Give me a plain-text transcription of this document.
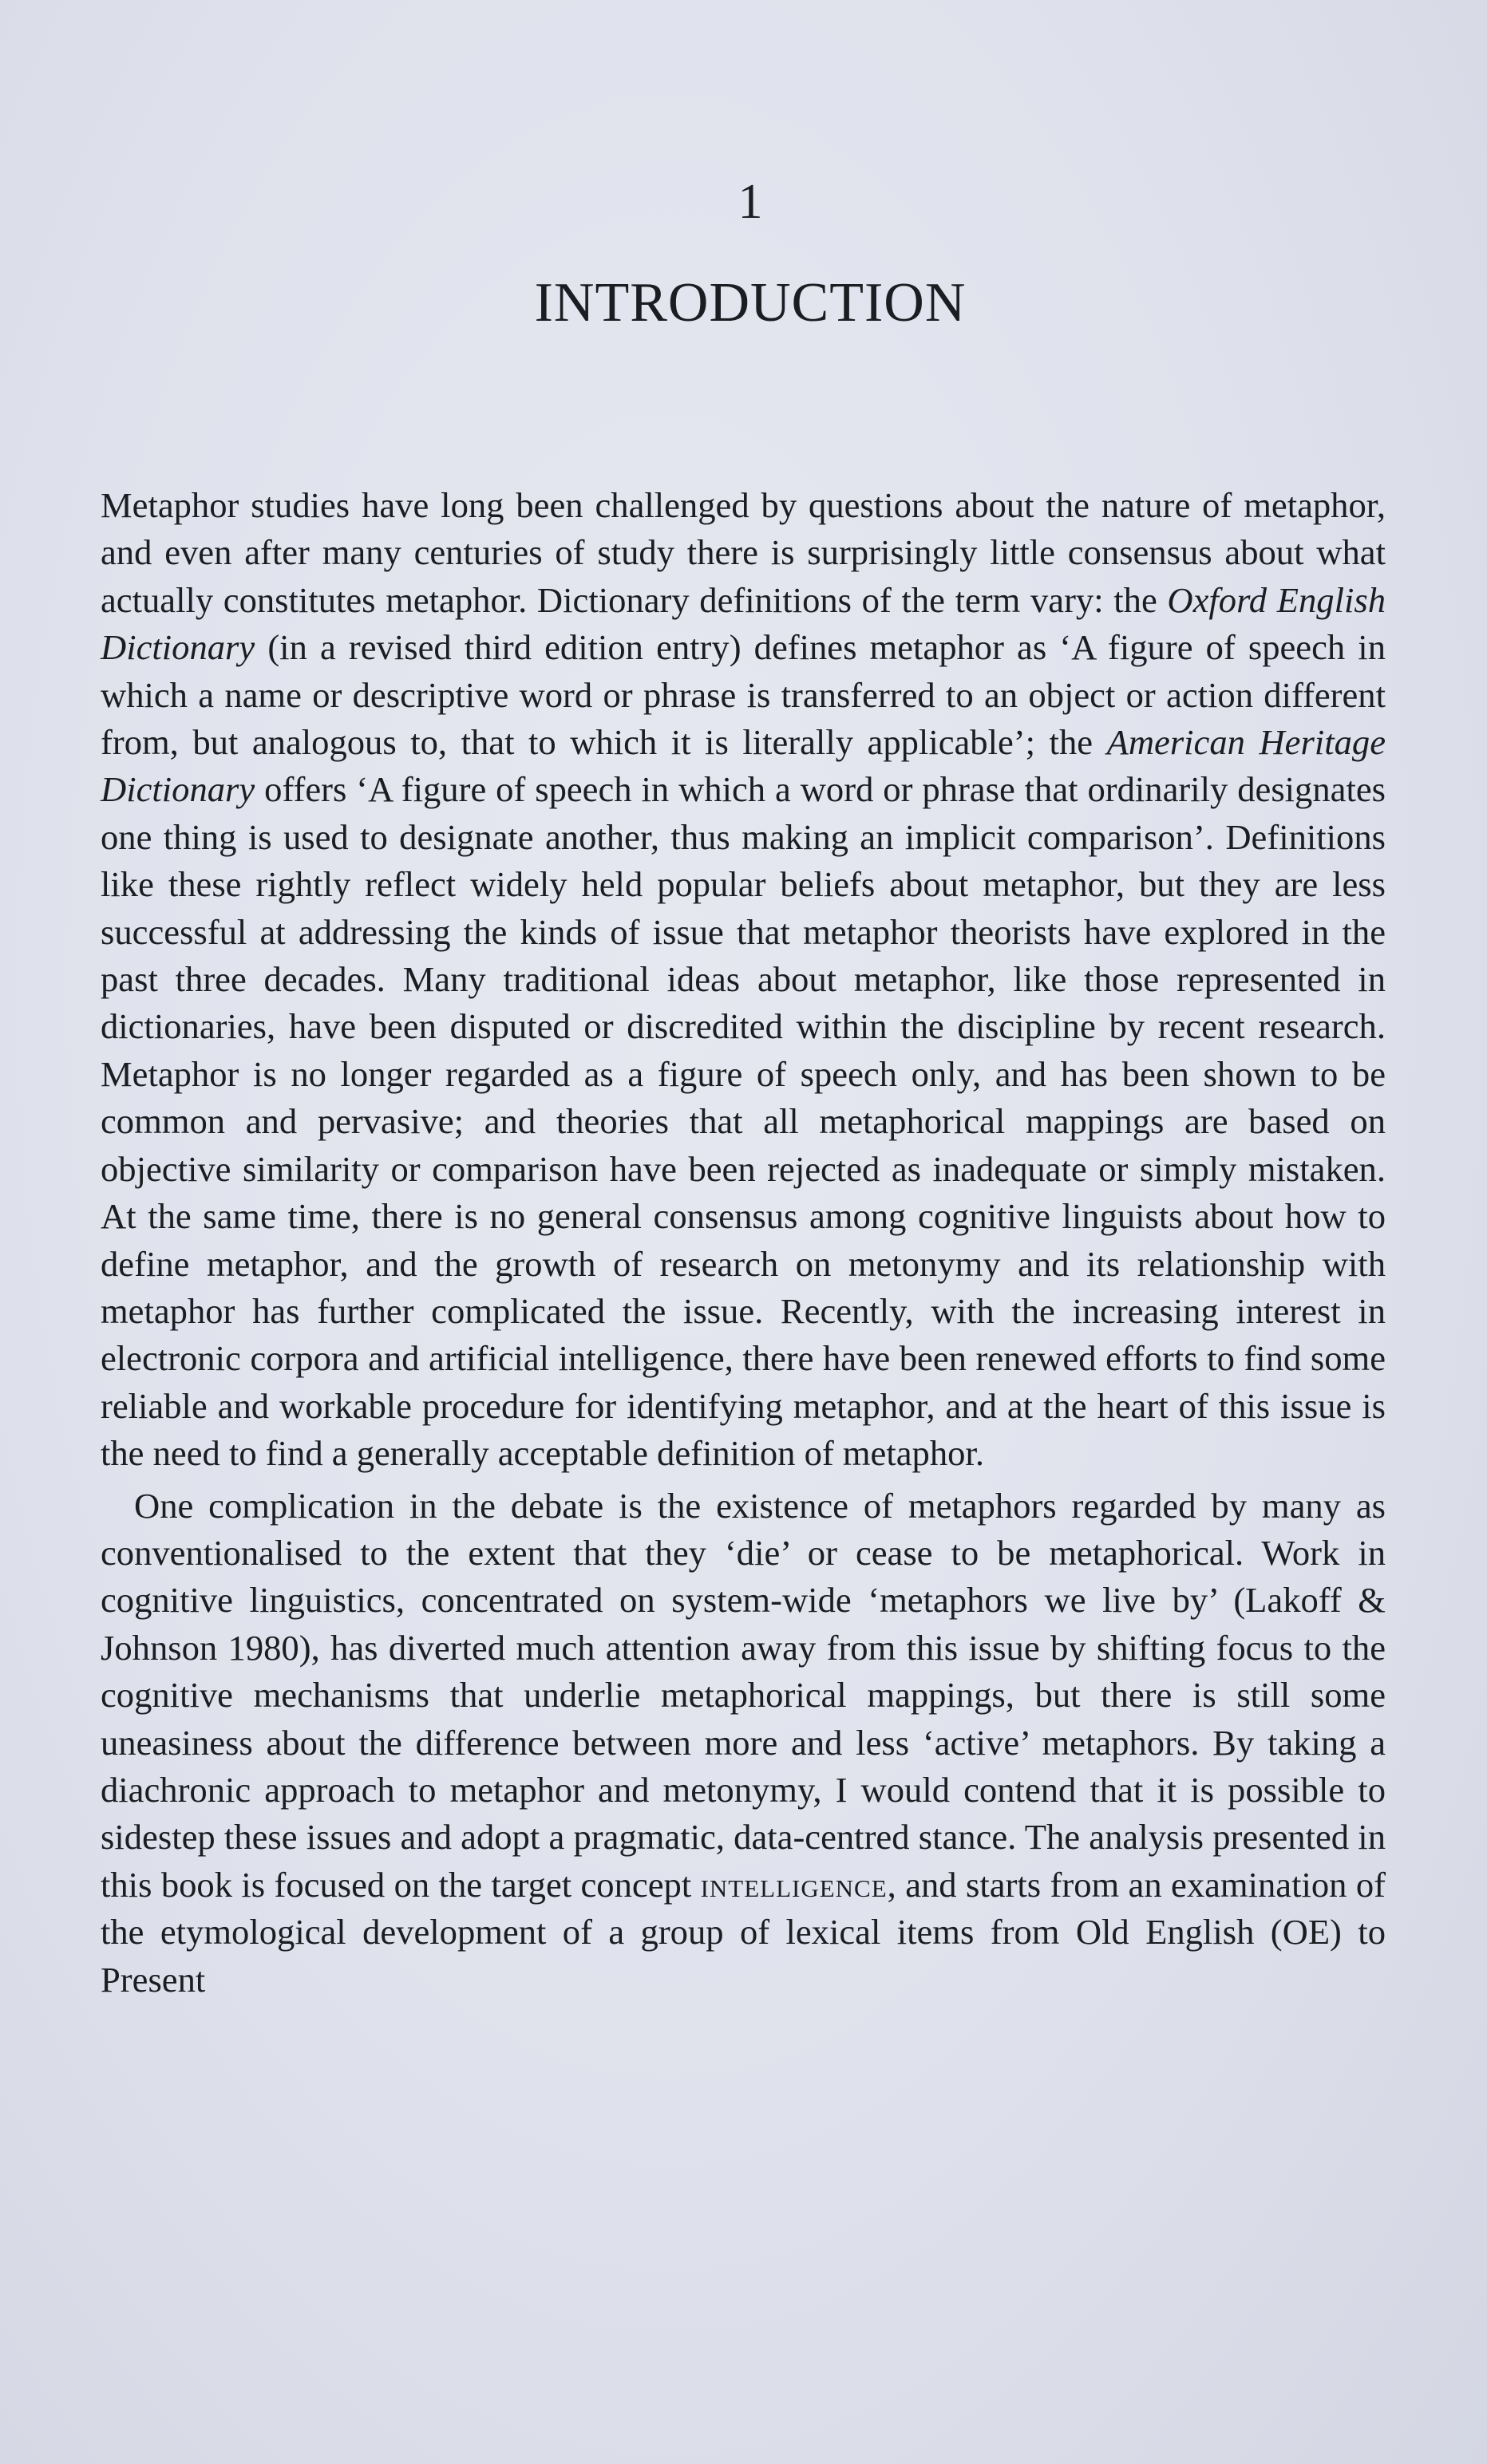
1
INTRODUCTION

Metaphor studies have long been challenged by questions about the nature of metaphor, and even after many centuries of study there is surprisingly little consensus about what actually constitutes metaphor. Dictionary definitions of the term vary: the Oxford English Dictionary (in a revised third edition entry) defines metaphor as ‘A figure of speech in which a name or descriptive word or phrase is transferred to an object or action different from, but analogous to, that to which it is literally applicable’; the American Heritage Dictionary offers ‘A figure of speech in which a word or phrase that ordinarily designates one thing is used to designate another, thus making an implicit comparison’. Definitions like these rightly reflect widely held popular beliefs about metaphor, but they are less successful at addressing the kinds of issue that metaphor theorists have explored in the past three decades. Many traditional ideas about metaphor, like those represented in dictionaries, have been disputed or discredited within the discipline by recent research. Metaphor is no longer regarded as a figure of speech only, and has been shown to be common and pervasive; and theories that all metaphorical mappings are based on objective similarity or comparison have been rejected as inadequate or simply mistaken. At the same time, there is no general consensus among cognitive linguists about how to define metaphor, and the growth of research on metonymy and its relationship with metaphor has further complicated the issue. Recently, with the increasing interest in electronic corpora and artificial intelligence, there have been renewed efforts to find some reliable and workable procedure for identifying metaphor, and at the heart of this issue is the need to find a generally acceptable definition of metaphor.

One complication in the debate is the existence of metaphors regarded by many as conventionalised to the extent that they ‘die’ or cease to be metaphorical. Work in cognitive linguistics, concentrated on system-wide ‘metaphors we live by’ (Lakoff & Johnson 1980), has diverted much attention away from this issue by shifting focus to the cognitive mechanisms that underlie metaphorical mappings, but there is still some uneasiness about the difference between more and less ‘active’ metaphors. By taking a diachronic approach to metaphor and metonymy, I would contend that it is possible to sidestep these issues and adopt a pragmatic, data-centred stance. The analysis presented in this book is focused on the target concept intelligence, and starts from an examination of the etymological development of a group of lexical items from Old English (OE) to Present
